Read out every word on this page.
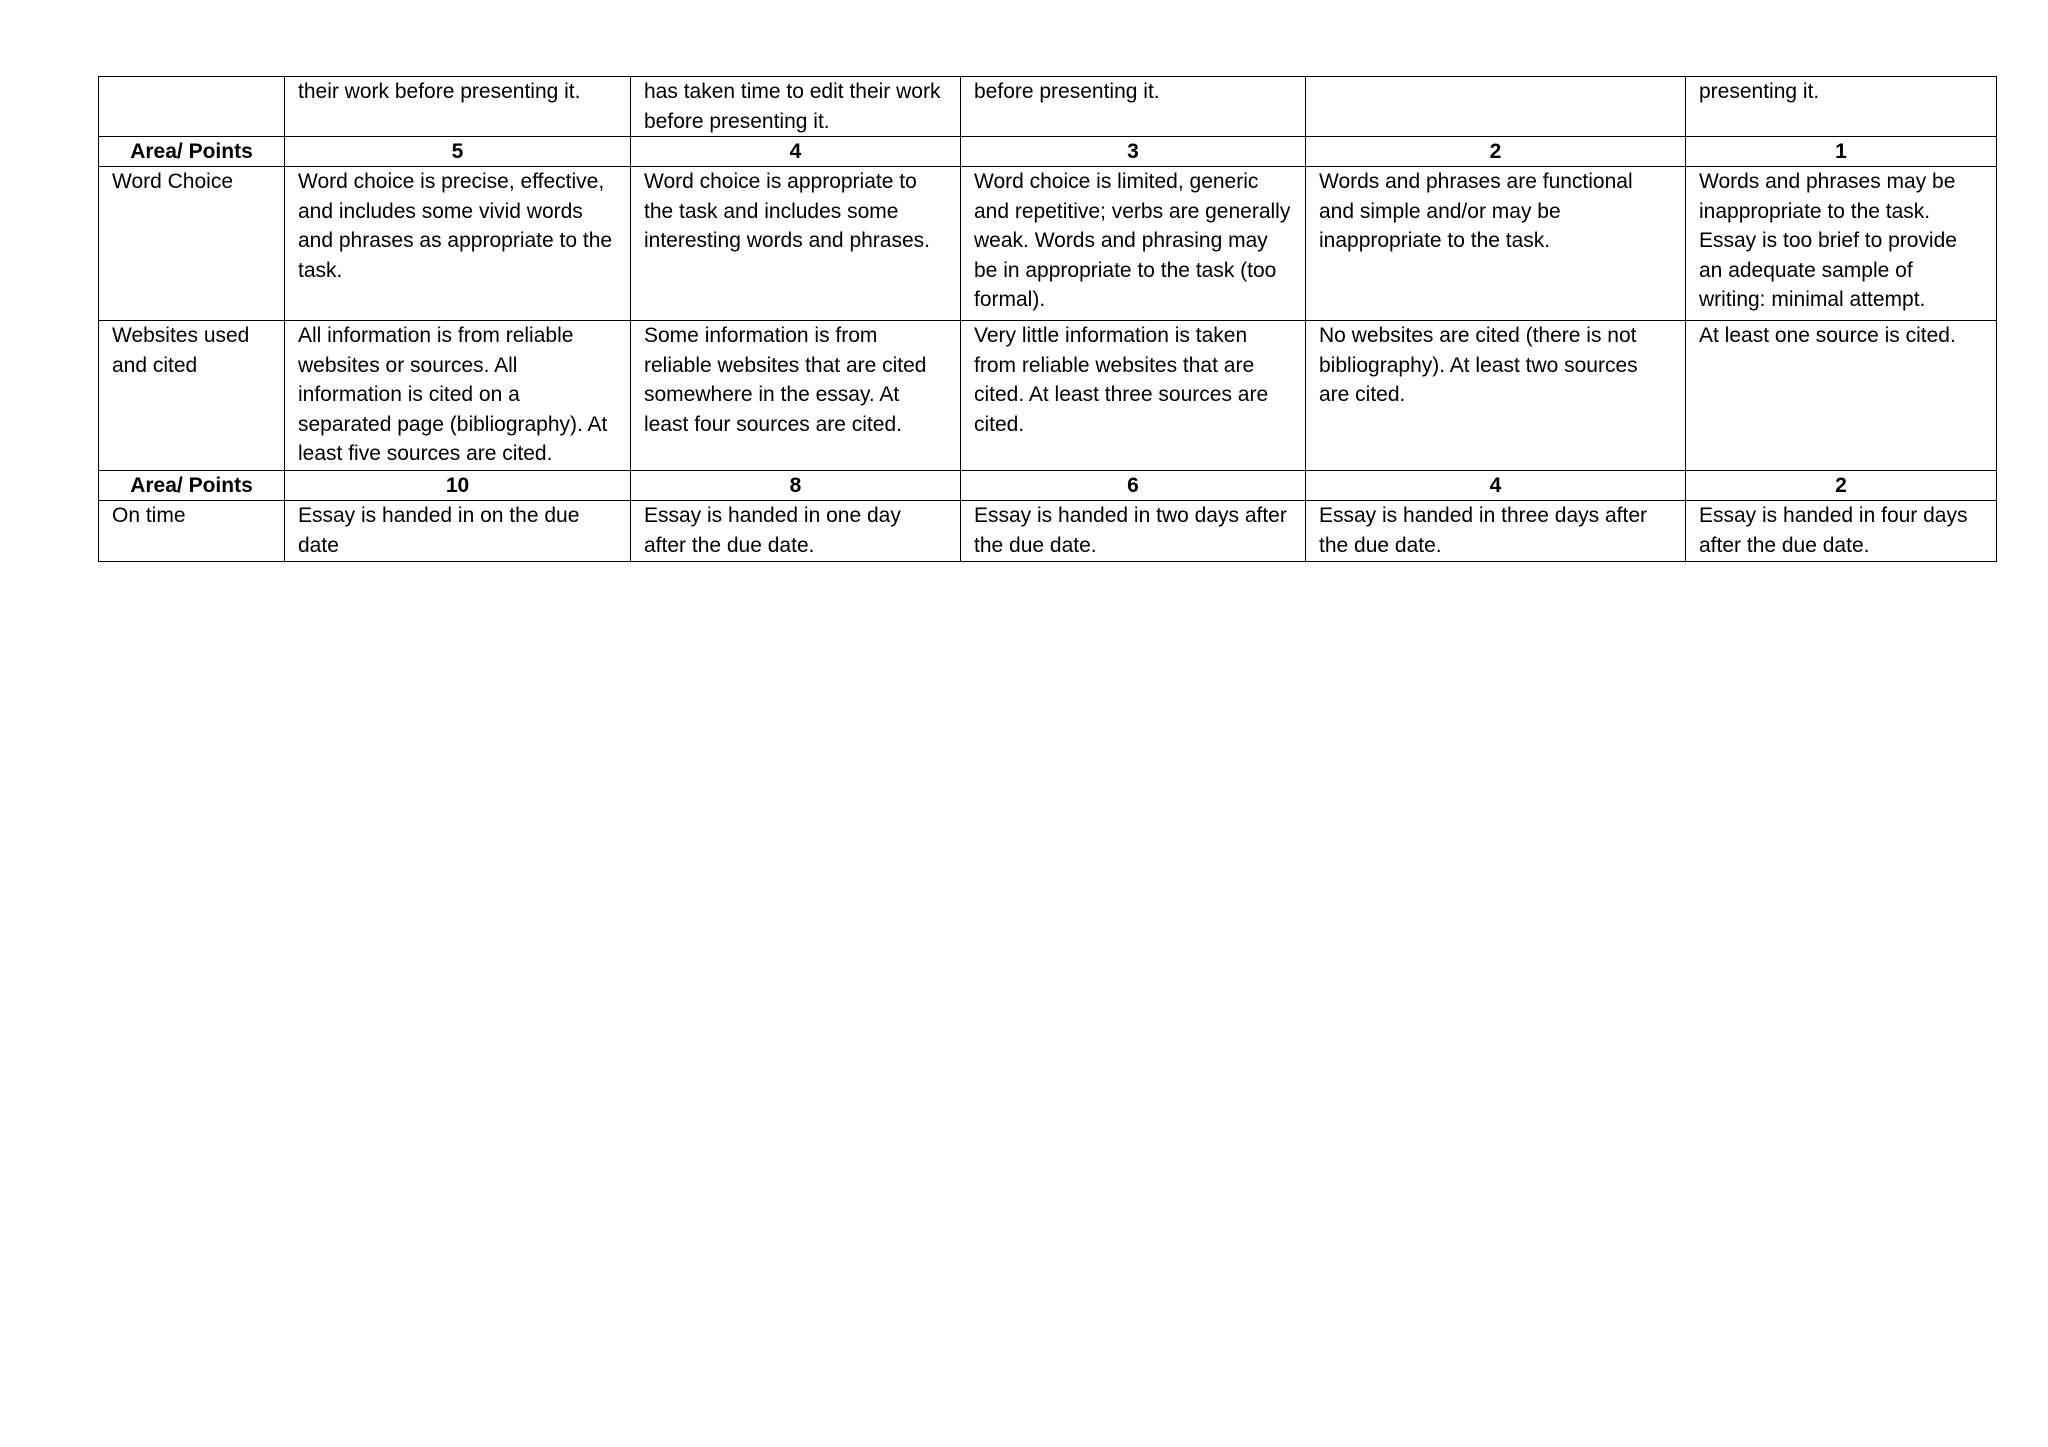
	their work before presenting it.	has taken time to edit their work before presenting it.	before presenting it.		presenting it.
Area/ Points	5	4	3	2	1
Word Choice	Word choice is precise, effective, and includes some vivid words and phrases as appropriate to the task.	Word choice is appropriate to the task and includes some interesting words and phrases.	Word choice is limited, generic and repetitive; verbs are generally weak. Words and phrasing may be in appropriate to the task (too formal).	Words and phrases are functional and simple and/or may be inappropriate to the task.	Words and phrases may be inappropriate to the task. Essay is too brief to provide an adequate sample of writing: minimal attempt.
Websites used and cited	All information is from reliable websites or sources. All information is cited on a separated page (bibliography). At least five sources are cited.	Some information is from reliable websites that are cited somewhere in the essay. At least four sources are cited.	Very little information is taken from reliable websites that are cited. At least three sources are cited.	No websites are cited (there is not bibliography). At least two sources are cited.	At least one source is cited.
Area/ Points	10	8	6	4	2
On time	Essay is handed in on the due date	Essay is handed in one day after the due date.	Essay is handed in two days after the due date.	Essay is handed in three days after the due date.	Essay is handed in four days after the due date.
